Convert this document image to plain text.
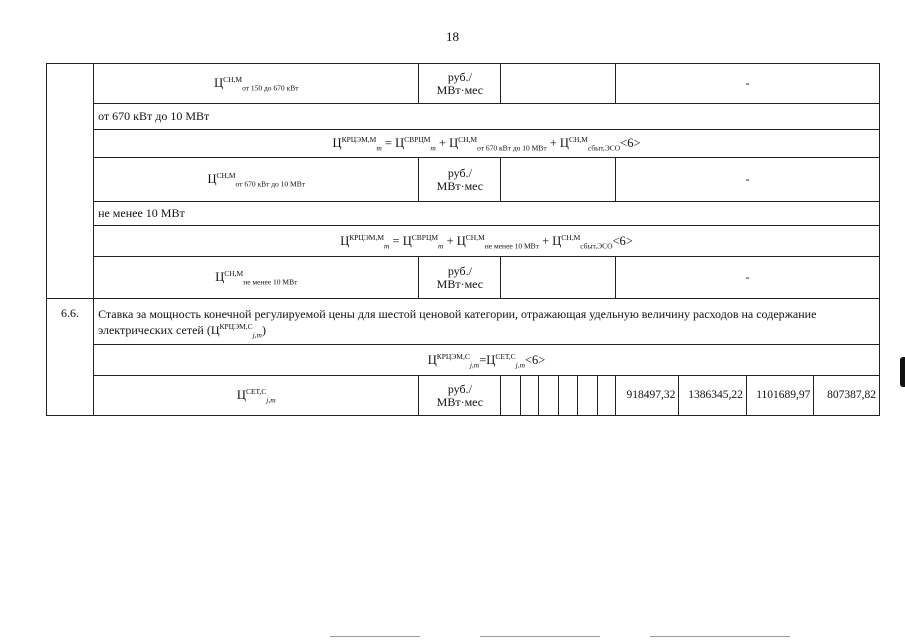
18
	$Ц^{СН,М}_{от 150 до 670 кВт}$	руб./
МВт·мес							-			
	от 670 кВт до 10 МВт											
	$Ц^{КРЦЭМ,М}_m = Ц^{СВРЦМ}_m + Ц^{СН,М}_{от 670 кВт до 10 МВт} + Ц^{СН,М}_{сбыт,ЭСО}<6>$											
	$Ц^{СН,М}_{от 670 кВт до 10 МВт}$	руб./
МВт·мес							-			
	не менее 10 МВт											
	$Ц^{КРЦЭМ,М}_m = Ц^{СВРЦМ}_m + Ц^{СН,М}_{не менее 10 МВт} + Ц^{СН,М}_{сбыт,ЭСО}<6>$											
	$Ц^{СН,М}_{не менее 10 МВт}$	руб./
МВт·мес							-			
6.6.	Ставка за мощность конечной регулируемой цены для шестой ценовой категории, отражающая удельную величину расходов на содержание электрических сетей $(Ц^{КРЦЭМ,С}_{j,m})$											
	$Ц^{КРЦЭМ,С}_{j,m}=Ц^{СЕТ,С}_{j,m}<6>$											
	$Ц^{СЕТ,С}_{j,m}$	руб./
МВт·мес							918497,32	1386345,22	1101689,97	807387,82
